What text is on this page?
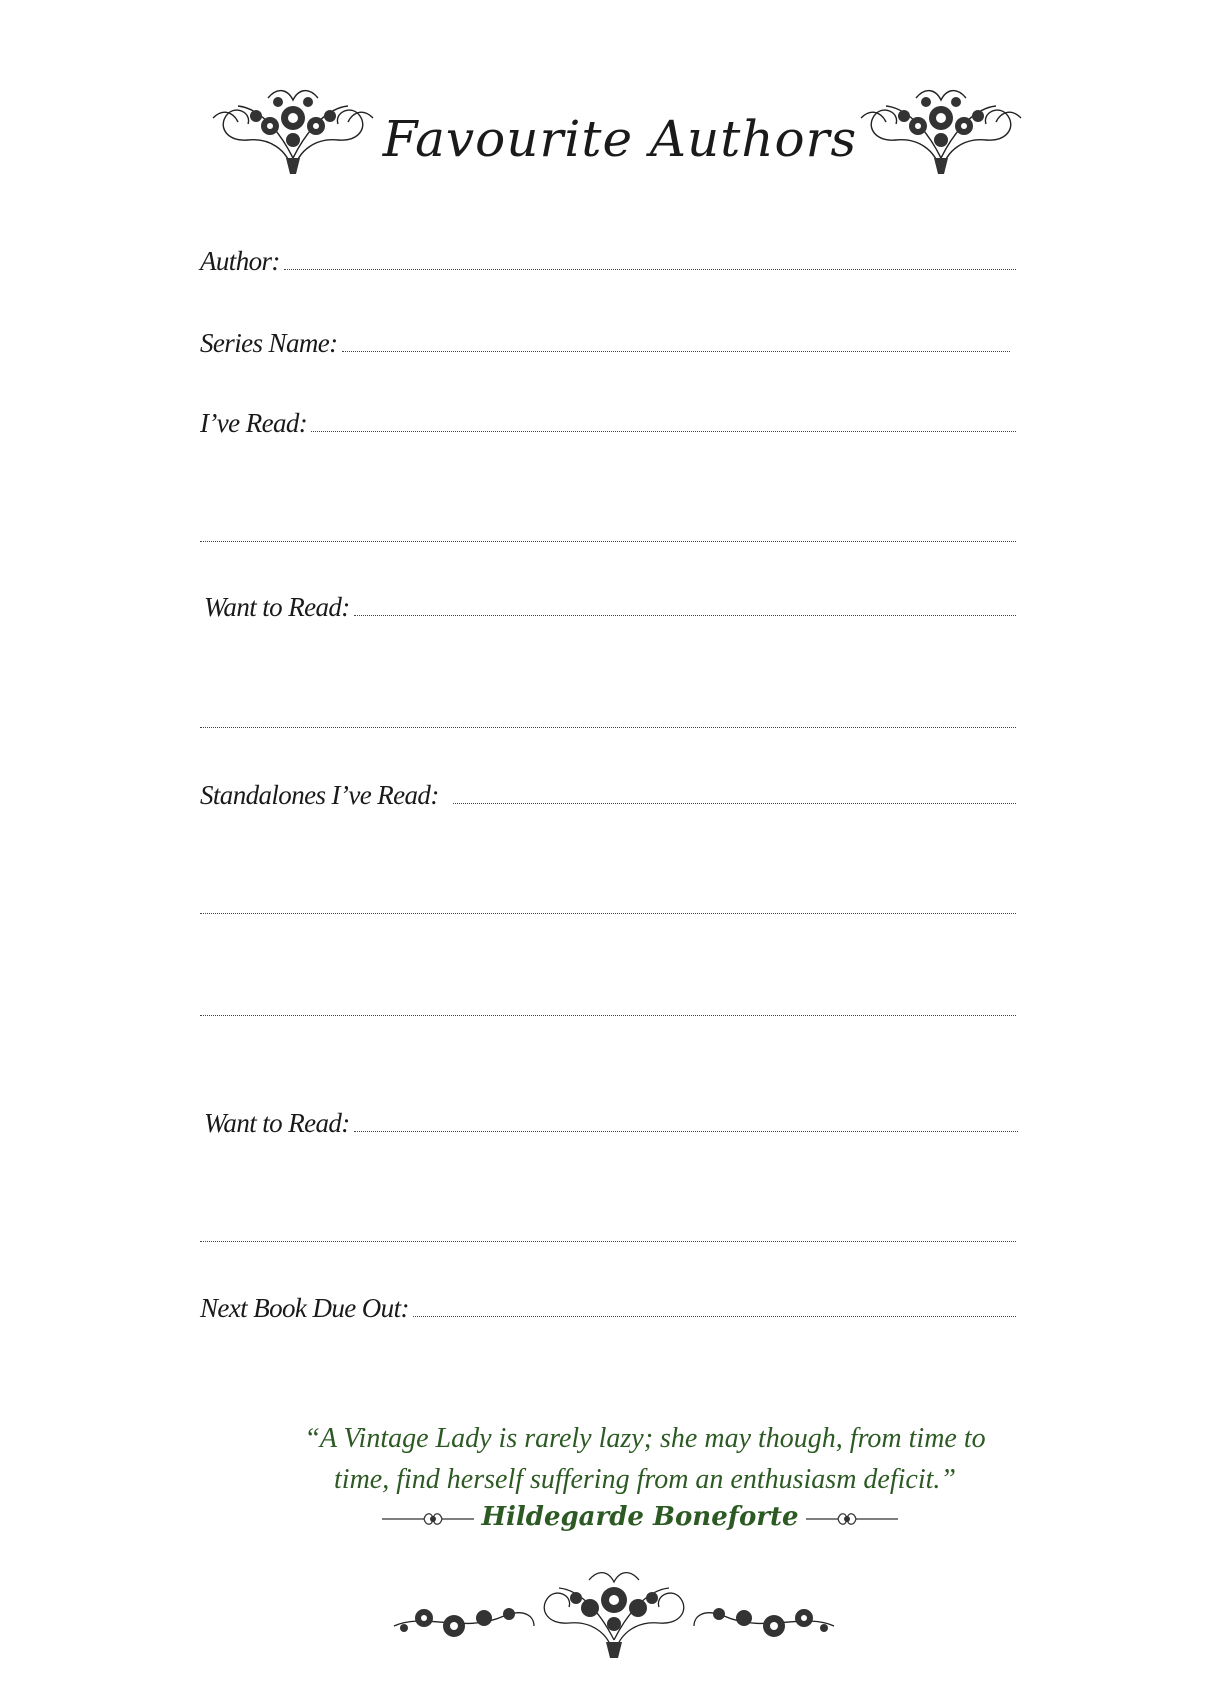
Favourite Authors
Author:
Series Name:
I’ve Read:
Want to Read:
Standalones I’ve Read:
Want to Read:
Next Book Due Out:
“A Vintage Lady is rarely lazy; she may though, from time to
time, find herself suffering from an enthusiasm deficit.”
Hildegarde Boneforte
